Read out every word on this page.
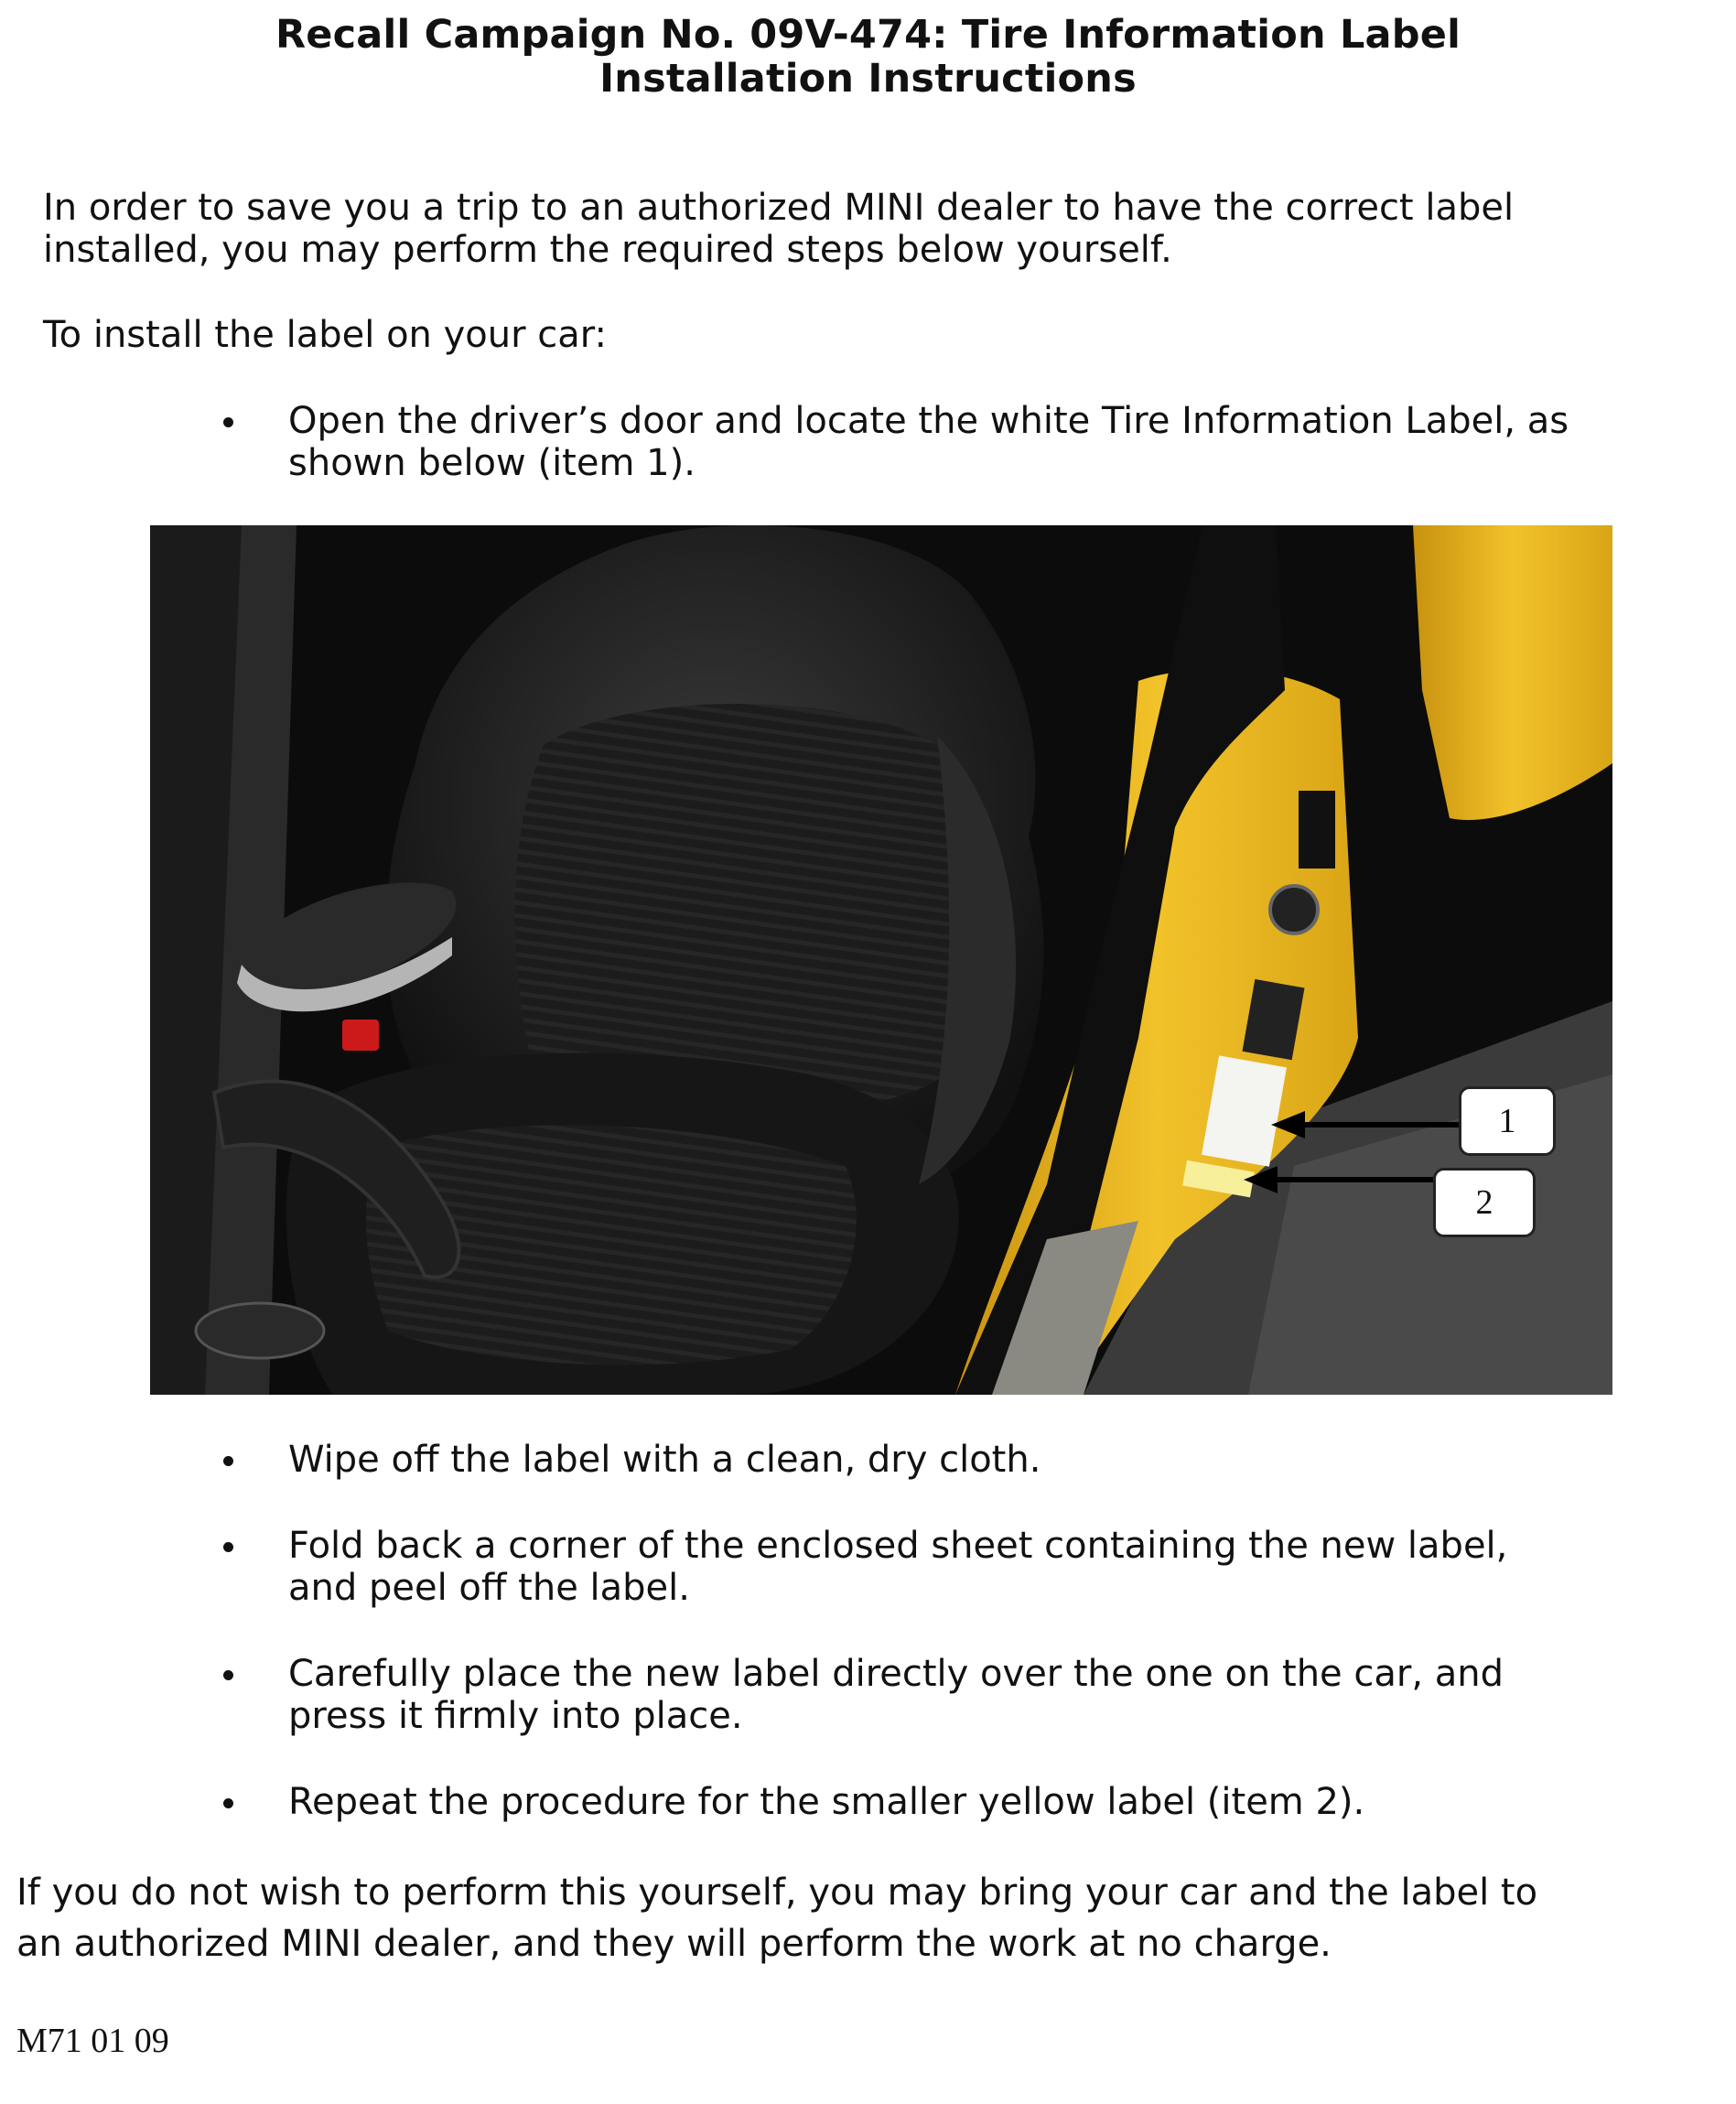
Recall Campaign No. 09V-474: Tire Information Label
Installation Instructions
In order to save you a trip to an authorized MINI dealer to have the correct label
installed, you may perform the required steps below yourself.
To install the label on your car:
Open the driver’s door and locate the white Tire Information Label, as
shown below (item 1).
1
2
Wipe off the label with a clean, dry cloth.
Fold back a corner of the enclosed sheet containing the new label,
and peel off the label.
Carefully place the new label directly over the one on the car, and
press it firmly into place.
Repeat the procedure for the smaller yellow label (item 2).
If you do not wish to perform this yourself, you may bring your car and the label to
an authorized MINI dealer, and they will perform the work at no charge.
M71 01 09
